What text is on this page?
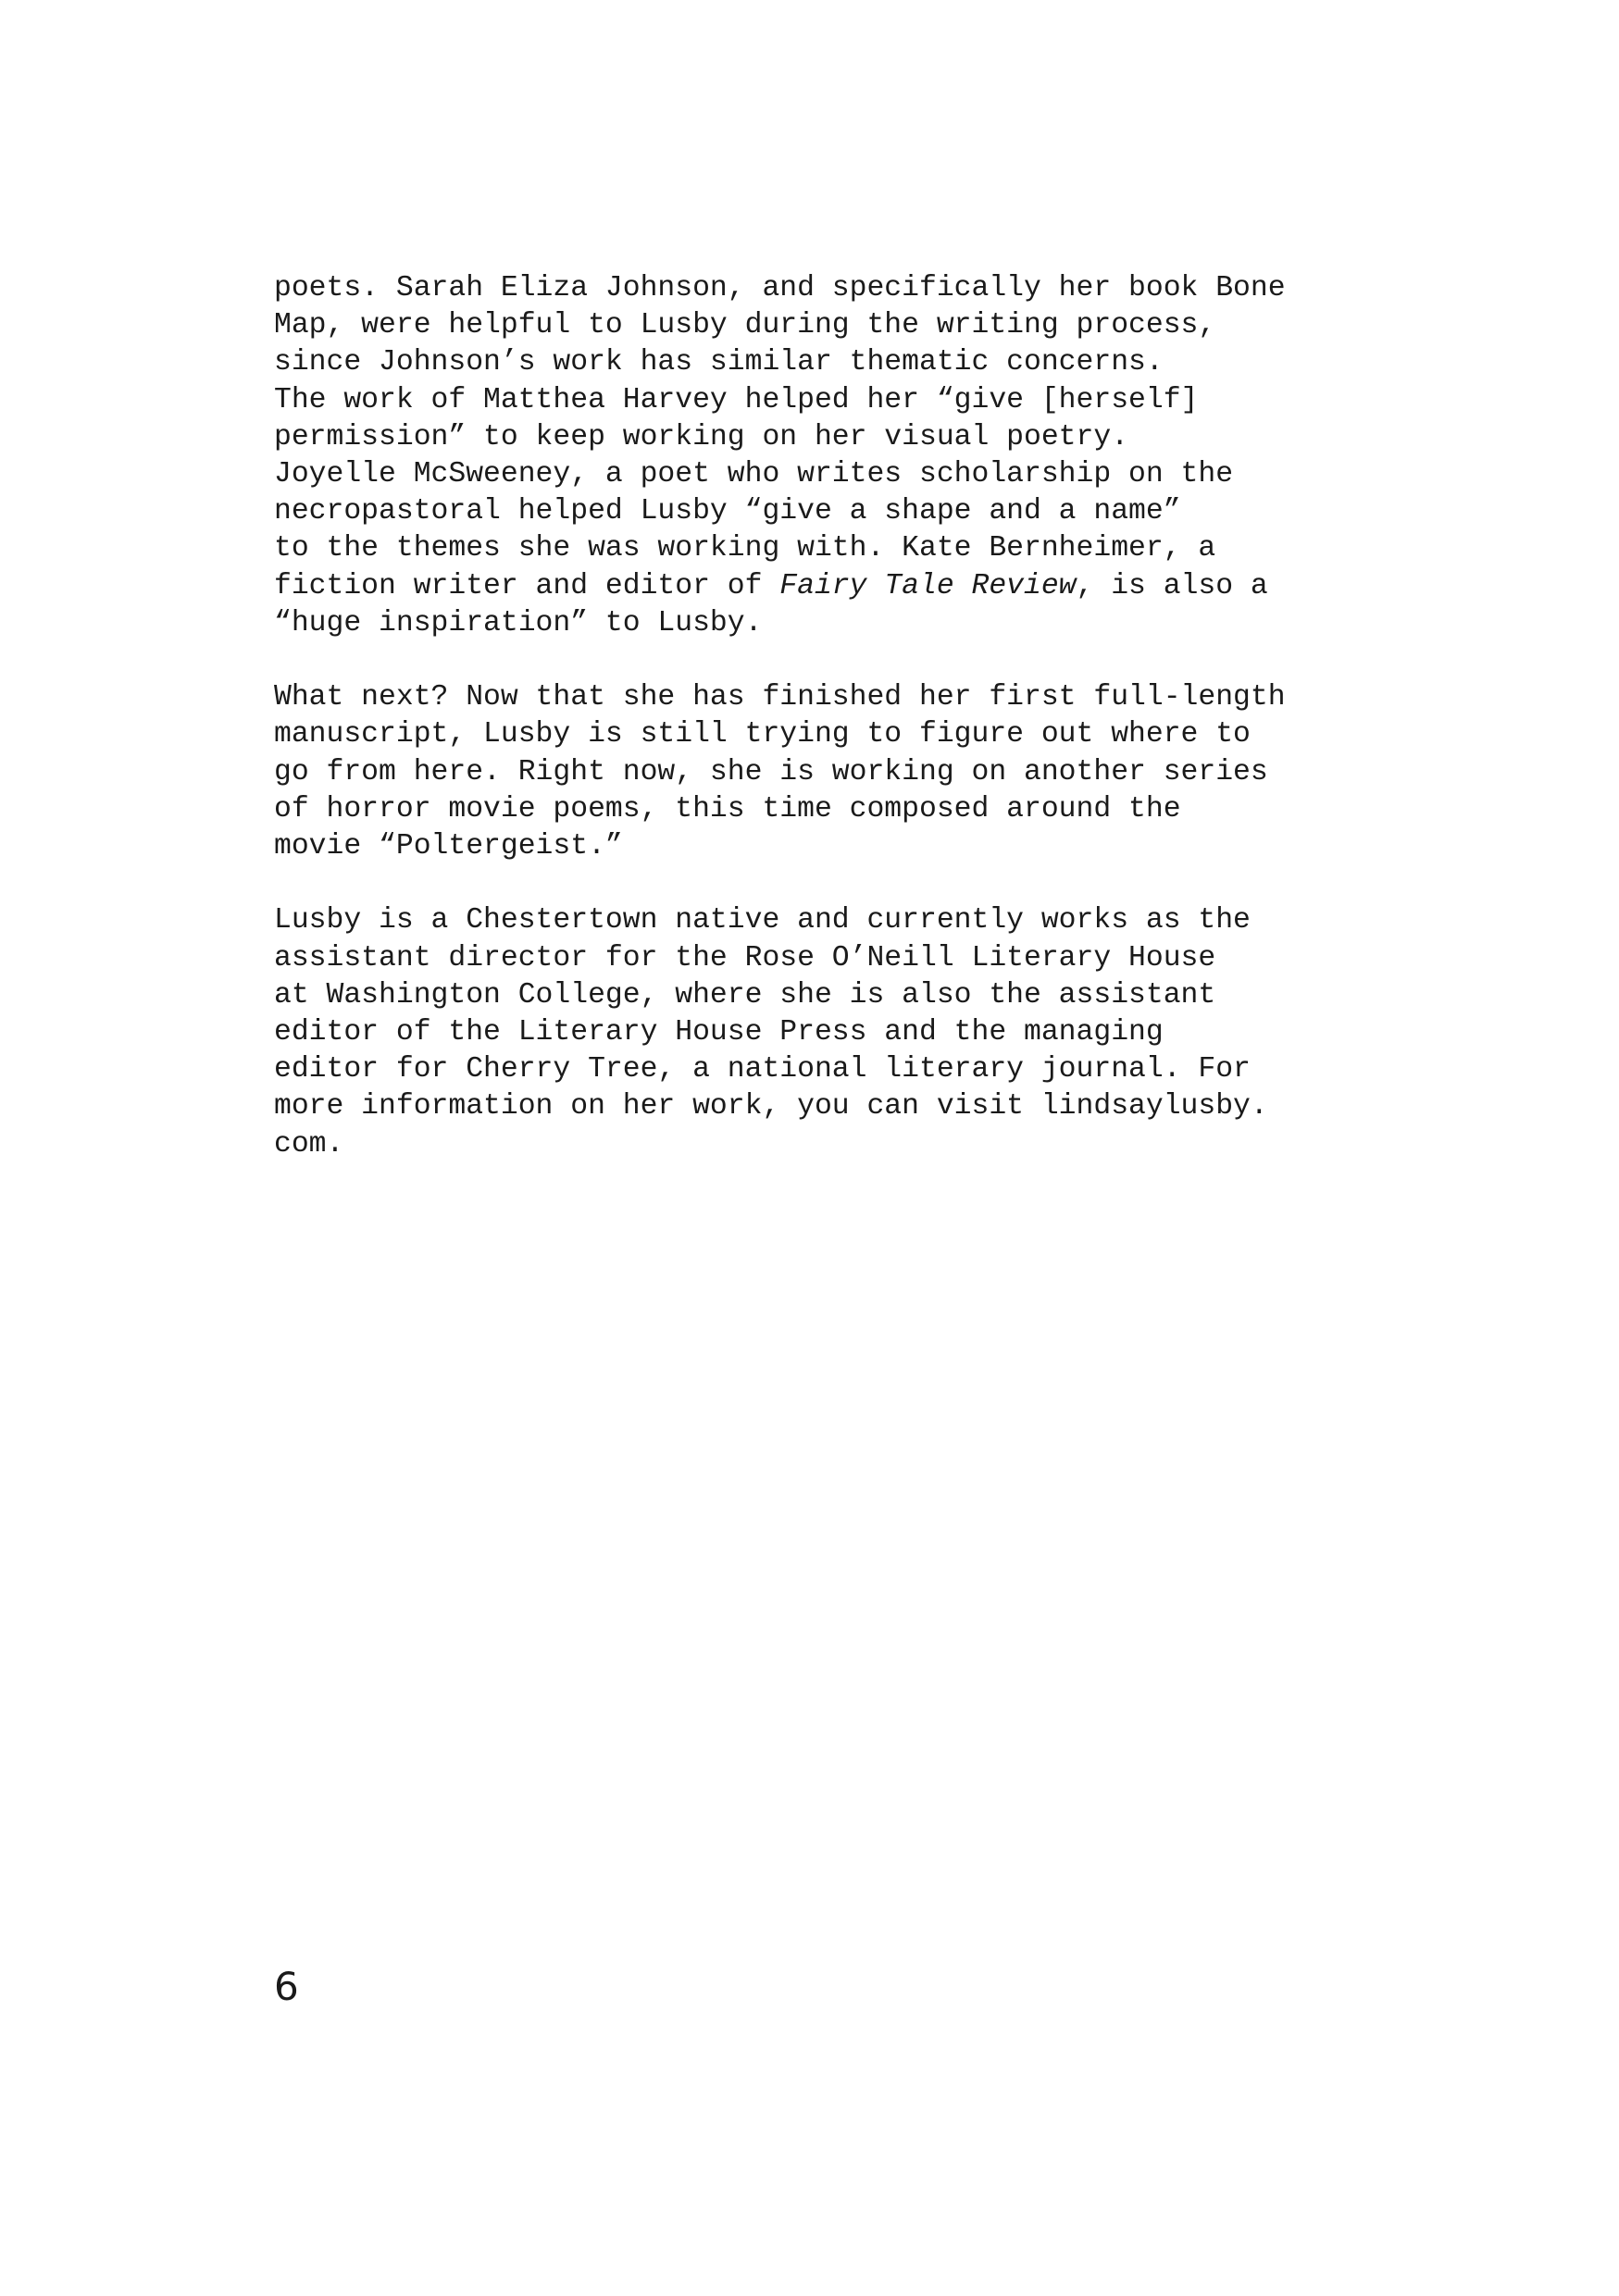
poets. Sarah Eliza Johnson, and specifically her book Bone
Map, were helpful to Lusby during the writing process,
since Johnson’s work has similar thematic concerns.
The work of Matthea Harvey helped her “give [herself]
permission” to keep working on her visual poetry.
Joyelle McSweeney, a poet who writes scholarship on the
necropastoral helped Lusby “give a shape and a name”
to the themes she was working with. Kate Bernheimer, a
fiction writer and editor of Fairy Tale Review, is also a
“huge inspiration” to Lusby.

What next? Now that she has finished her first full-length
manuscript, Lusby is still trying to figure out where to
go from here. Right now, she is working on another series
of horror movie poems, this time composed around the
movie “Poltergeist.”

Lusby is a Chestertown native and currently works as the
assistant director for the Rose O’Neill Literary House
at Washington College, where she is also the assistant
editor of the Literary House Press and the managing
editor for Cherry Tree, a national literary journal. For
more information on her work, you can visit lindsaylusby.
com.

6
